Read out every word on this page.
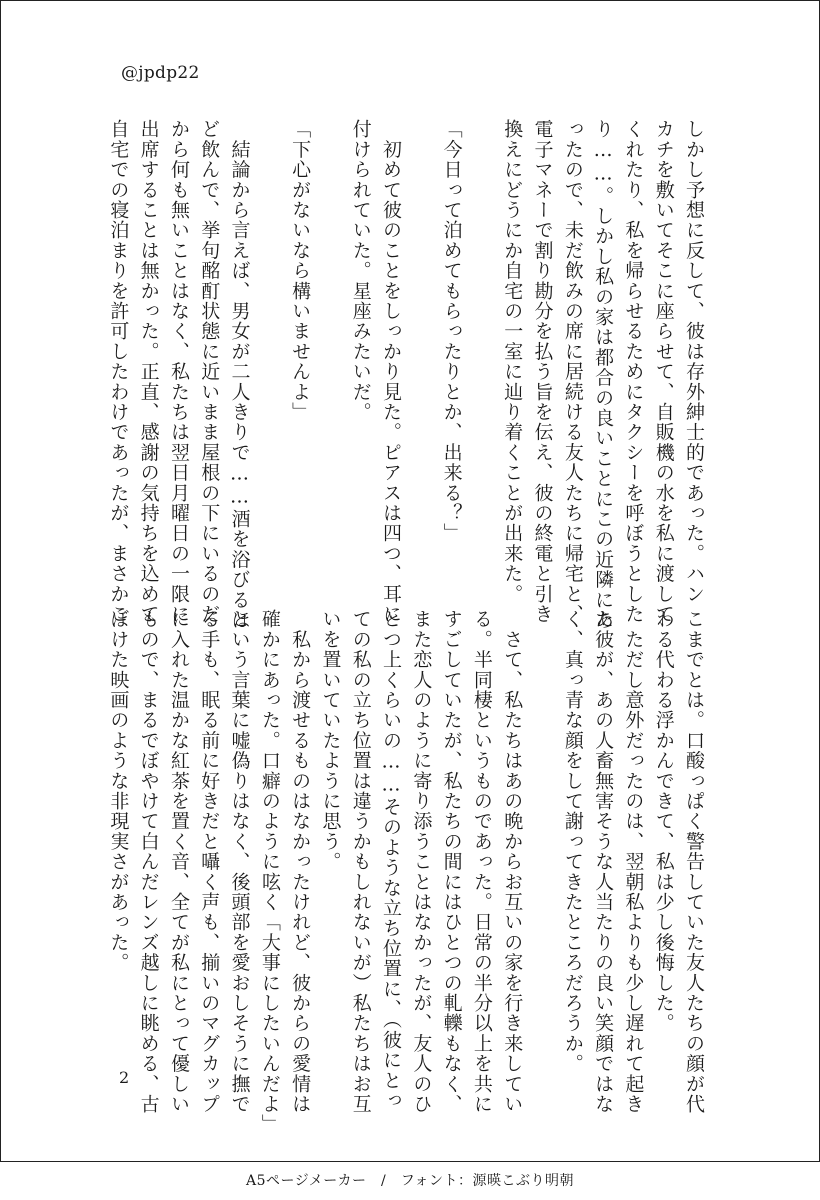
@jpdp22
しかし予想に反して、彼は存外紳士的であった。ハン
カチを敷いてそこに座らせて、自販機の水を私に渡して
くれたり、私を帰らせるためにタクシーを呼ぼうとした
り……。しかし私の家は都合の良いことにこの近隣にあ
ったので、未だ飲みの席に居続ける友人たちに帰宅と、
電子マネーで割り勘分を払う旨を伝え、彼の終電と引き
換えにどうにか自宅の一室に辿り着くことが出来た。

「今日って泊めてもらったりとか、出来る？」

　初めて彼のことをしっかり見た。ピアスは四つ、耳に
付けられていた。星座みたいだ。

「下心がないなら構いませんよ」

　結論から言えば、男女が二人きりで……酒を浴びるほ
ど飲んで、挙句酩酊状態に近いまま屋根の下にいるのだ
から何も無いことはなく、私たちは翌日月曜日の一限に
出席することは無かった。正直、感謝の気持ちを込めて
自宅での寝泊まりを許可したわけであったが、まさかこ
こまでとは。口酸っぱく警告していた友人たちの顔が代
わる代わる浮かんできて、私は少し後悔した。
　ただし意外だったのは、翌朝私よりも少し遅れて起き
た彼が、あの人畜無害そうな人当たりの良い笑顔ではな
く、真っ青な顔をして謝ってきたところだろうか。

　さて、私たちはあの晩からお互いの家を行き来してい
る。半同棲というものであった。日常の半分以上を共に
すごしていたが、私たちの間にはひとつの軋轢もなく、
また恋人のように寄り添うことはなかったが、友人のひ
とつ上くらいの……そのような立ち位置に、（彼にとっ
ての私の立ち位置は違うかもしれないが）私たちはお互
いを置いていたように思う。
　私から渡せるものはなかったけれど、彼からの愛情は
確かにあった。口癖のように呟く「大事にしたいんだよ」
という言葉に嘘偽りはなく、後頭部を愛おしそうに撫で
る手も、眠る前に好きだと囁く声も、揃いのマグカップ
に入れた温かな紅茶を置く音、全てが私にとって優しい
もので、まるでぼやけて白んだレンズ越しに眺める、古
ぼけた映画のような非現実さがあった。
2
A5ページメーカー　/　フォント：源暎こぶり明朝
